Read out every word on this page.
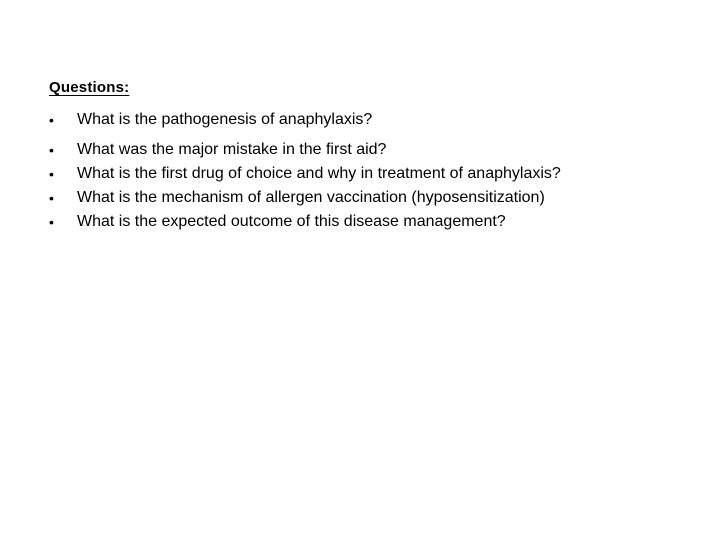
Questions:
• What is the pathogenesis of anaphylaxis?
• What was the major mistake in the first aid?
• What is the first drug of choice and why in treatment of anaphylaxis?
• What is the mechanism of allergen vaccination (hyposensitization)
• What is the expected outcome of this disease management?
